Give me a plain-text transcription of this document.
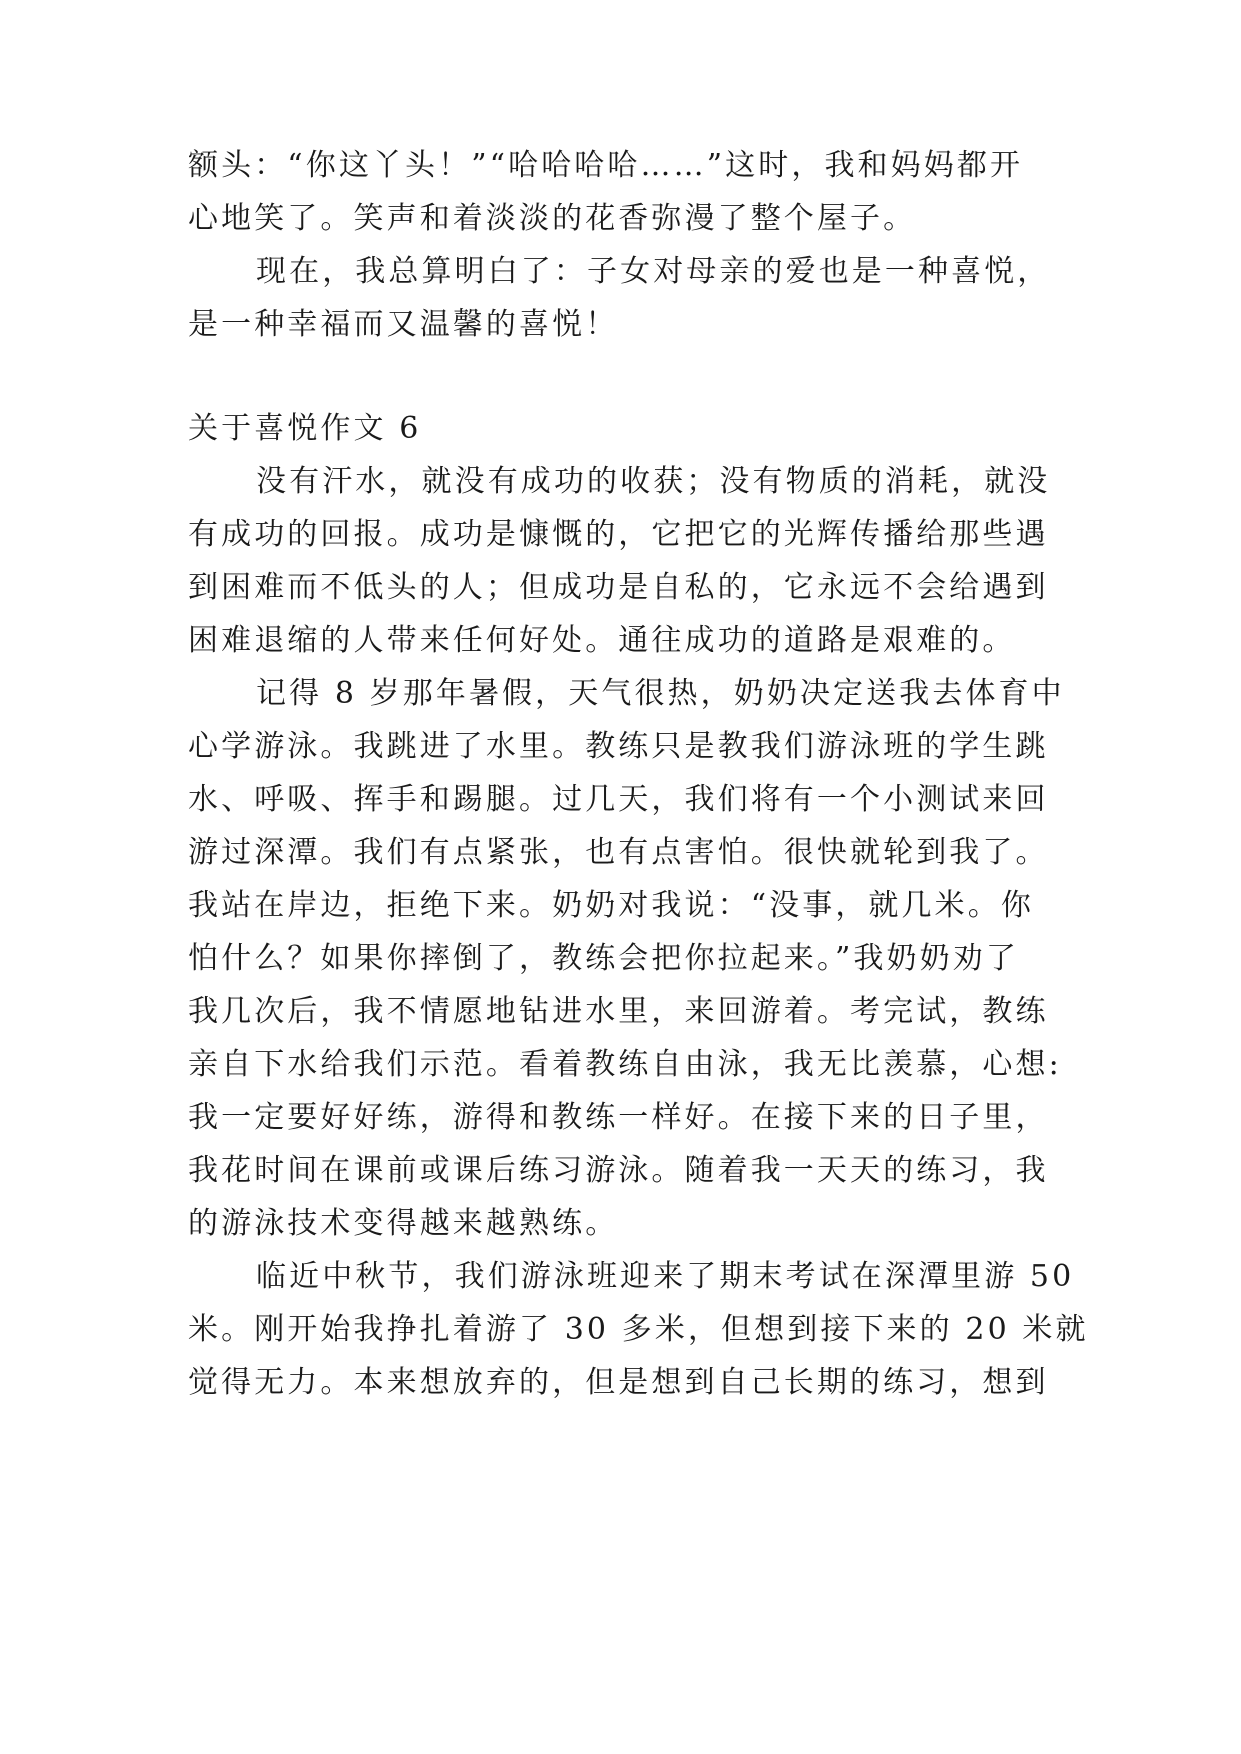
额头：“你这丫头！”“哈哈哈哈……”这时，我和妈妈都开
心地笑了。笑声和着淡淡的花香弥漫了整个屋子。
现在，我总算明白了：子女对母亲的爱也是一种喜悦，
是一种幸福而又温馨的喜悦！
关于喜悦作文 6
没有汗水，就没有成功的收获；没有物质的消耗，就没
有成功的回报。成功是慷慨的，它把它的光辉传播给那些遇
到困难而不低头的人；但成功是自私的，它永远不会给遇到
困难退缩的人带来任何好处。通往成功的道路是艰难的。
记得 8 岁那年暑假，天气很热，奶奶决定送我去体育中
心学游泳。我跳进了水里。教练只是教我们游泳班的学生跳
水、呼吸、挥手和踢腿。过几天，我们将有一个小测试来回
游过深潭。我们有点紧张，也有点害怕。很快就轮到我了。
我站在岸边，拒绝下来。奶奶对我说：“没事，就几米。你
怕什么？如果你摔倒了，教练会把你拉起来。”我奶奶劝了
我几次后，我不情愿地钻进水里，来回游着。考完试，教练
亲自下水给我们示范。看着教练自由泳，我无比羡慕，心想:
我一定要好好练，游得和教练一样好。在接下来的日子里，
我花时间在课前或课后练习游泳。随着我一天天的练习，我
的游泳技术变得越来越熟练。
临近中秋节，我们游泳班迎来了期末考试在深潭里游 50
米。刚开始我挣扎着游了 30 多米，但想到接下来的 20 米就
觉得无力。本来想放弃的，但是想到自己长期的练习，想到
